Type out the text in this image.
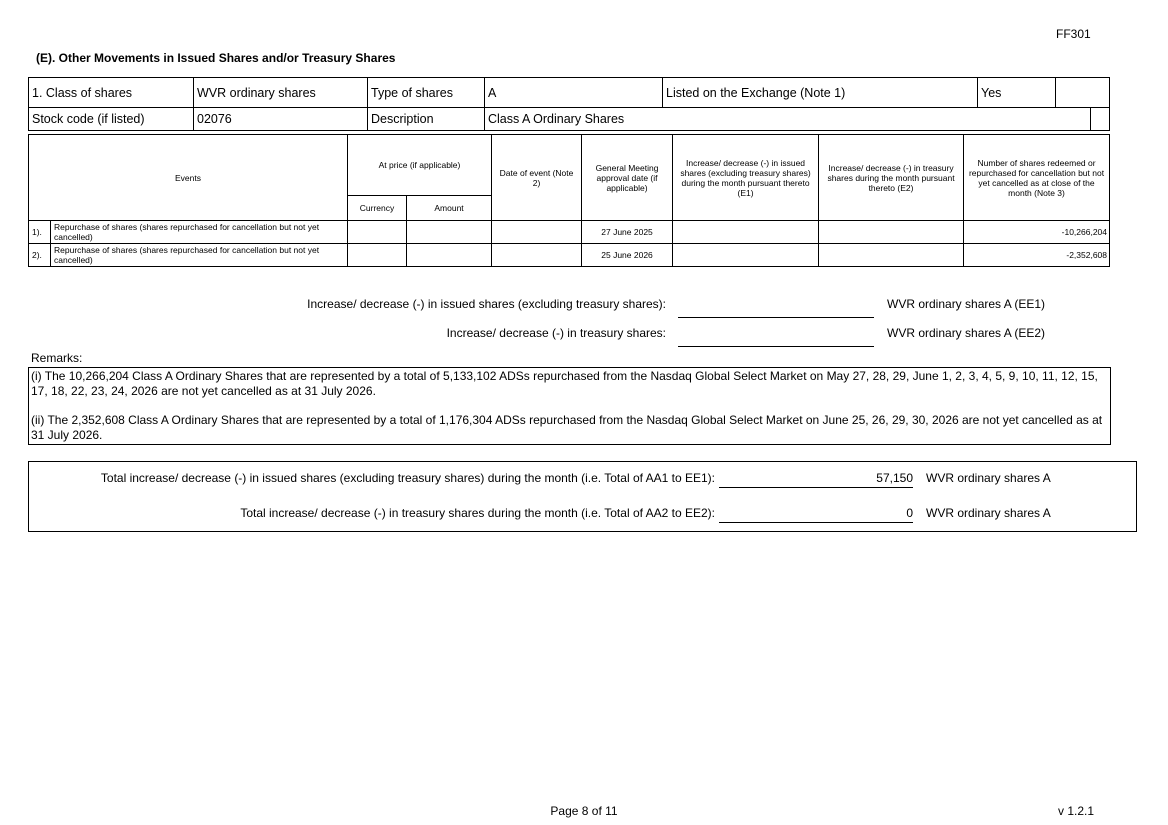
FF301
(E). Other Movements in Issued Shares and/or Treasury Shares
1. Class of shares	WVR ordinary shares	Type of shares	A	Listed on the Exchange (Note 1)	Yes		
Stock code (if listed)	02076	Description	Class A Ordinary Shares				
Events		At price (if applicable)		Date of event (Note 2)	General Meeting approval date (if applicable)	Increase/ decrease (-) in issued shares (excluding treasury shares) during the month pursuant thereto (E1)	Increase/ decrease (-) in treasury shares during the month pursuant thereto (E2)	Number of shares redeemed or repurchased for cancellation but not yet cancelled as at close of the month (Note 3)
		Currency	Amount					
1).	Repurchase of shares (shares repurchased for cancellation but not yet cancelled)				27 June 2025			-10,266,204
2).	Repurchase of shares (shares repurchased for cancellation but not yet cancelled)				25 June 2026			-2,352,608
Increase/ decrease (-) in issued shares (excluding treasury shares):	WVR ordinary shares A (EE1)
Increase/ decrease (-) in treasury shares:	WVR ordinary shares A (EE2)
Remarks:

(i) The 10,266,204 Class A Ordinary Shares that are represented by a total of 5,133,102 ADSs repurchased from the Nasdaq Global Select Market on May 27, 28, 29, June 1, 2, 3, 4, 5, 9, 10, 11, 12, 15, 17, 18, 22, 23, 24, 2026 are not yet cancelled as at 31 July 2026.

(ii) The 2,352,608 Class A Ordinary Shares that are represented by a total of 1,176,304 ADSs repurchased from the Nasdaq Global Select Market on June 25, 26, 29, 30, 2026 are not yet cancelled as at 31 July 2026.

Total increase/ decrease (-) in issued shares (excluding treasury shares) during the month (i.e. Total of AA1 to EE1):	57,150 WVR ordinary shares A
Total increase/ decrease (-) in treasury shares during the month (i.e. Total of AA2 to EE2):	0 WVR ordinary shares A
Page 8 of 11	v 1.2.1
